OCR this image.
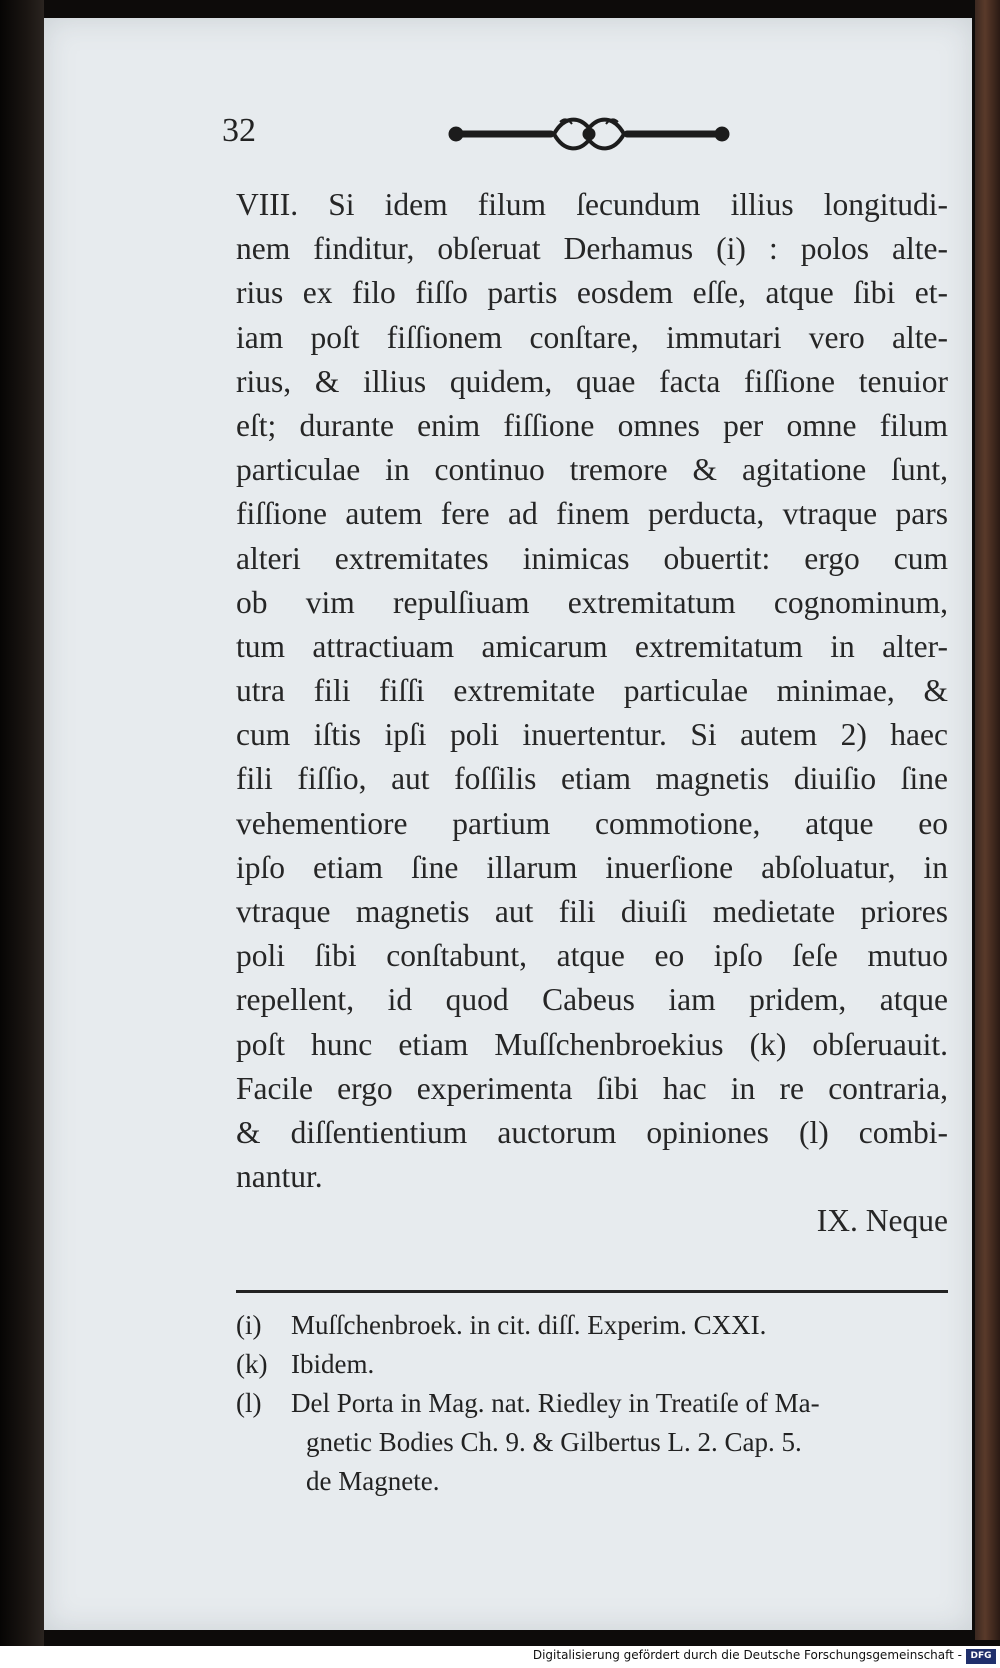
32
VIII. Si idem filum ſecundum illius longitudi-
nem finditur, obſeruat Derhamus (i) : polos alte-
rius ex filo fiſſo partis eosdem eſſe, atque ſibi et-
iam poſt fiſſionem conſtare, immutari vero alte-
rius, & illius quidem, quae facta fiſſione tenuior
eſt; durante enim fiſſione omnes per omne filum
particulae in continuo tremore & agitatione ſunt,
fiſſione autem fere ad finem perducta, vtraque pars
alteri extremitates inimicas obuertit: ergo cum
ob vim repulſiuam extremitatum cognominum,
tum attractiuam amicarum extremitatum in alter-
utra fili fiſſi extremitate particulae minimae, &
cum iſtis ipſi poli inuertentur. Si autem 2) haec
fili fiſſio, aut foſſilis etiam magnetis diuiſio ſine
vehementiore partium commotione, atque eo
ipſo etiam ſine illarum inuerſione abſoluatur, in
vtraque magnetis aut fili diuiſi medietate priores
poli ſibi conſtabunt, atque eo ipſo ſeſe mutuo
repellent, id quod Cabeus iam pridem, atque
poſt hunc etiam Muſſchenbroekius (k) obſeruauit.
Facile ergo experimenta ſibi hac in re contraria,
& diſſentientium auctorum opiniones (l) combi-
nantur.
IX. Neque
(i) Muſſchenbroek. in cit. diſſ. Experim. CXXI.
(k) Ibidem.
(l) Del Porta in Mag. nat. Riedley in Treatiſe of Ma-
gnetic Bodies Ch. 9. & Gilbertus L. 2. Cap. 5.
de Magnete.
Digitalisierung gefördert durch die Deutsche Forschungsgemeinschaft - DFG
